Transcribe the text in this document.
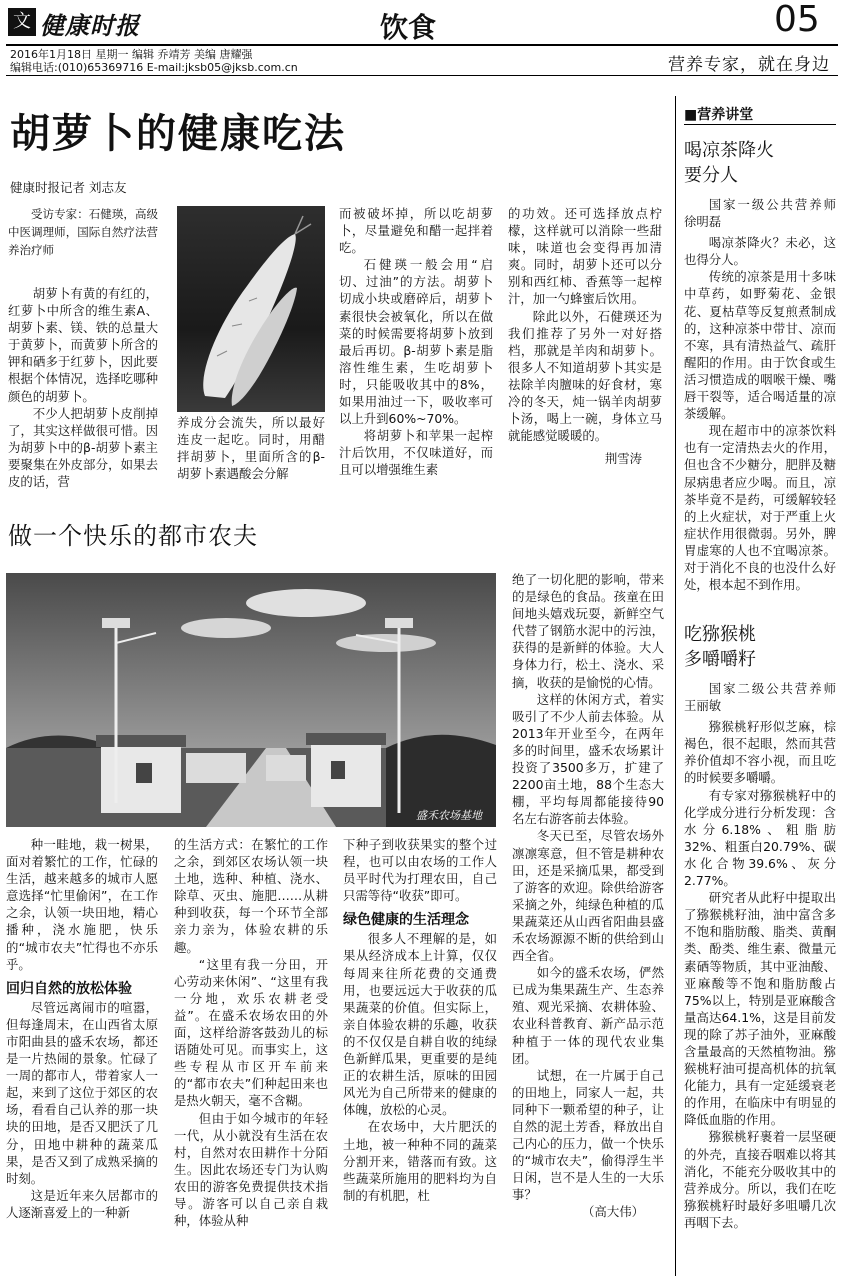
文 健康时报	饮食	05
2016年1月18日 星期一 编辑 乔靖芳 美编 唐耀强
编辑电话:(010)65369716 E-mail:jksb05@jksb.com.cn	营养专家，就在身边
胡萝卜的健康吃法
健康时报记者 刘志友

受访专家：石健瑛，高级中医调理师，国际自然疗法营养治疗师

胡萝卜有黄的有红的，红萝卜中所含的维生素A、胡萝卜素、镁、铁的总量大于黄萝卜，而黄萝卜所含的钾和硒多于红萝卜，因此要根据个体情况，选择吃哪种颜色的胡萝卜。

不少人把胡萝卜皮削掉了，其实这样做很可惜。因为胡萝卜中的β-胡萝卜素主要聚集在外皮部分，如果去皮的话，营

养成分会流失，所以最好连皮一起吃。同时，用醋拌胡萝卜，里面所含的β-胡萝卜素遇酸会分解

而被破坏掉，所以吃胡萝卜，尽量避免和醋一起拌着吃。

石健瑛一般会用“启切、过油”的方法。胡萝卜切成小块或磨碎后，胡萝卜素很快会被氧化，所以在做菜的时候需要将胡萝卜放到最后再切。β-胡萝卜素是脂溶性维生素，生吃胡萝卜时，只能吸收其中的8%，如果用油过一下，吸收率可以上升到60%~70%。

将胡萝卜和苹果一起榨汁后饮用，不仅味道好，而且可以增强维生素

的功效。还可选择放点柠檬，这样就可以消除一些甜味，味道也会变得再加清爽。同时，胡萝卜还可以分别和西红柿、香蕉等一起榨汁，加一勺蜂蜜后饮用。

除此以外，石健瑛还为我们推荐了另外一对好搭档，那就是羊肉和胡萝卜。很多人不知道胡萝卜其实是祛除羊肉膻味的好食材，寒冷的冬天，炖一锅羊肉胡萝卜汤，喝上一碗，身体立马就能感觉暖暖的。

荆雪涛
做一个快乐的都市农夫
盛禾农场基地

种一畦地，栽一树果，面对着繁忙的工作，忙碌的生活，越来越多的城市人愿意选择“忙里偷闲”，在工作之余，认领一块田地，精心播种，浇水施肥，快乐的“城市农夫”忙得也不亦乐乎。

回归自然的放松体验

尽管远离闹市的喧嚣，但每逢周末，在山西省太原市阳曲县的盛禾农场，都还是一片热闹的景象。忙碌了一周的都市人，带着家人一起，来到了这位于郊区的农场，看看自己认养的那一块块的田地，是否又肥沃了几分，田地中耕种的蔬菜瓜果，是否又到了成熟采摘的时刻。

这是近年来久居都市的人逐渐喜爱上的一种新

的生活方式：在繁忙的工作之余，到郊区农场认领一块土地，选种、种植、浇水、除草、灭虫、施肥……从耕种到收获，每一个环节全部亲力亲为，体验农耕的乐趣。

“这里有我一分田，开心劳动来休闲”、“这里有我一分地，欢乐农耕老受益”。在盛禾农场农田的外面，这样给游客鼓劲儿的标语随处可见。而事实上，这些专程从市区开车前来的“都市农夫”们种起田来也是热火朝天，毫不含糊。

但由于如今城市的年轻一代，从小就没有生活在农村，自然对农田耕作十分陌生。因此农场还专门为认购农田的游客免费提供技术指导。游客可以自己亲自栽种，体验从种

下种子到收获果实的整个过程，也可以由农场的工作人员平时代为打理农田，自己只需等待“收获”即可。

绿色健康的生活理念

很多人不理解的是，如果从经济成本上计算，仅仅每周来往所花费的交通费用，也要远远大于收获的瓜果蔬菜的价值。但实际上，亲自体验农耕的乐趣，收获的不仅仅是自耕自收的纯绿色新鲜瓜果，更重要的是纯正的农耕生活，原味的田园风光为自己所带来的健康的体魄，放松的心灵。

在农场中，大片肥沃的土地，被一种种不同的蔬菜分割开来，错落而有致。这些蔬菜所施用的肥料均为自制的有机肥，杜

绝了一切化肥的影响，带来的是绿色的食品。孩童在田间地头嬉戏玩耍，新鲜空气代替了钢筋水泥中的污浊，获得的是新鲜的体验。大人身体力行，松土、浇水、采摘，收获的是愉悦的心情。

这样的休闲方式，着实吸引了不少人前去体验。从2013年开业至今，在两年多的时间里，盛禾农场累计投资了3500多万，扩建了2200亩土地，88个生态大棚，平均每周都能接待90名左右游客前去体验。

冬天已至，尽管农场外凛凛寒意，但不管是耕种农田，还是采摘瓜果，都受到了游客的欢迎。除供给游客采摘之外，纯绿色种植的瓜果蔬菜还从山西省阳曲县盛禾农场源源不断的供给到山西全省。

如今的盛禾农场，俨然已成为集果蔬生产、生态养殖、观光采摘、农耕体验、农业科普教育、新产品示范种植于一体的现代农业集团。

试想，在一片属于自己的田地上，同家人一起，共同种下一颗希望的种子，让自然的泥土芳香，释放出自己内心的压力，做一个快乐的“城市农夫”，偷得浮生半日闲，岂不是人生的一大乐事？

（高大伟）
■营养讲堂
喝凉茶降火
要分人

国家一级公共营养师 徐明磊

喝凉茶降火？未必，这也得分人。

传统的凉茶是用十多味中草药，如野菊花、金银花、夏枯草等反复煎煮制成的，这种凉茶中带甘、凉而不寒，具有清热益气、疏肝醒阳的作用。由于饮食或生活习惯造成的咽喉干燥、嘴唇干裂等，适合喝适量的凉茶缓解。

现在超市中的凉茶饮料也有一定清热去火的作用，但也含不少糖分，肥胖及糖尿病患者应少喝。而且，凉茶毕竟不是药，可缓解较轻的上火症状，对于严重上火症状作用很微弱。另外，脾胃虚寒的人也不宜喝凉茶。对于消化不良的也没什么好处，根本起不到作用。

吃猕猴桃
多嚼嚼籽

国家二级公共营养师 王丽敏

猕猴桃籽形似芝麻，棕褐色，很不起眼，然而其营养价值却不容小视，而且吃的时候要多嚼嚼。

有专家对猕猴桃籽中的化学成分进行分析发现：含水分6.18%、粗脂肪32%、粗蛋白20.79%、碳水化合物39.6%、灰分2.77%。

研究者从此籽中提取出了猕猴桃籽油，油中富含多不饱和脂肪酸、脂类、黄酮类、酚类、维生素、微量元素硒等物质，其中亚油酸、亚麻酸等不饱和脂肪酸占75%以上，特别是亚麻酸含量高达64.1%，这是目前发现的除了苏子油外，亚麻酸含量最高的天然植物油。猕猴桃籽油可提高机体的抗氧化能力，具有一定延缓衰老的作用，在临床中有明显的降低血脂的作用。

猕猴桃籽裹着一层坚硬的外壳，直接吞咽难以将其消化，不能充分吸收其中的营养成分。所以，我们在吃猕猴桃籽时最好多咀嚼几次再咽下去。
